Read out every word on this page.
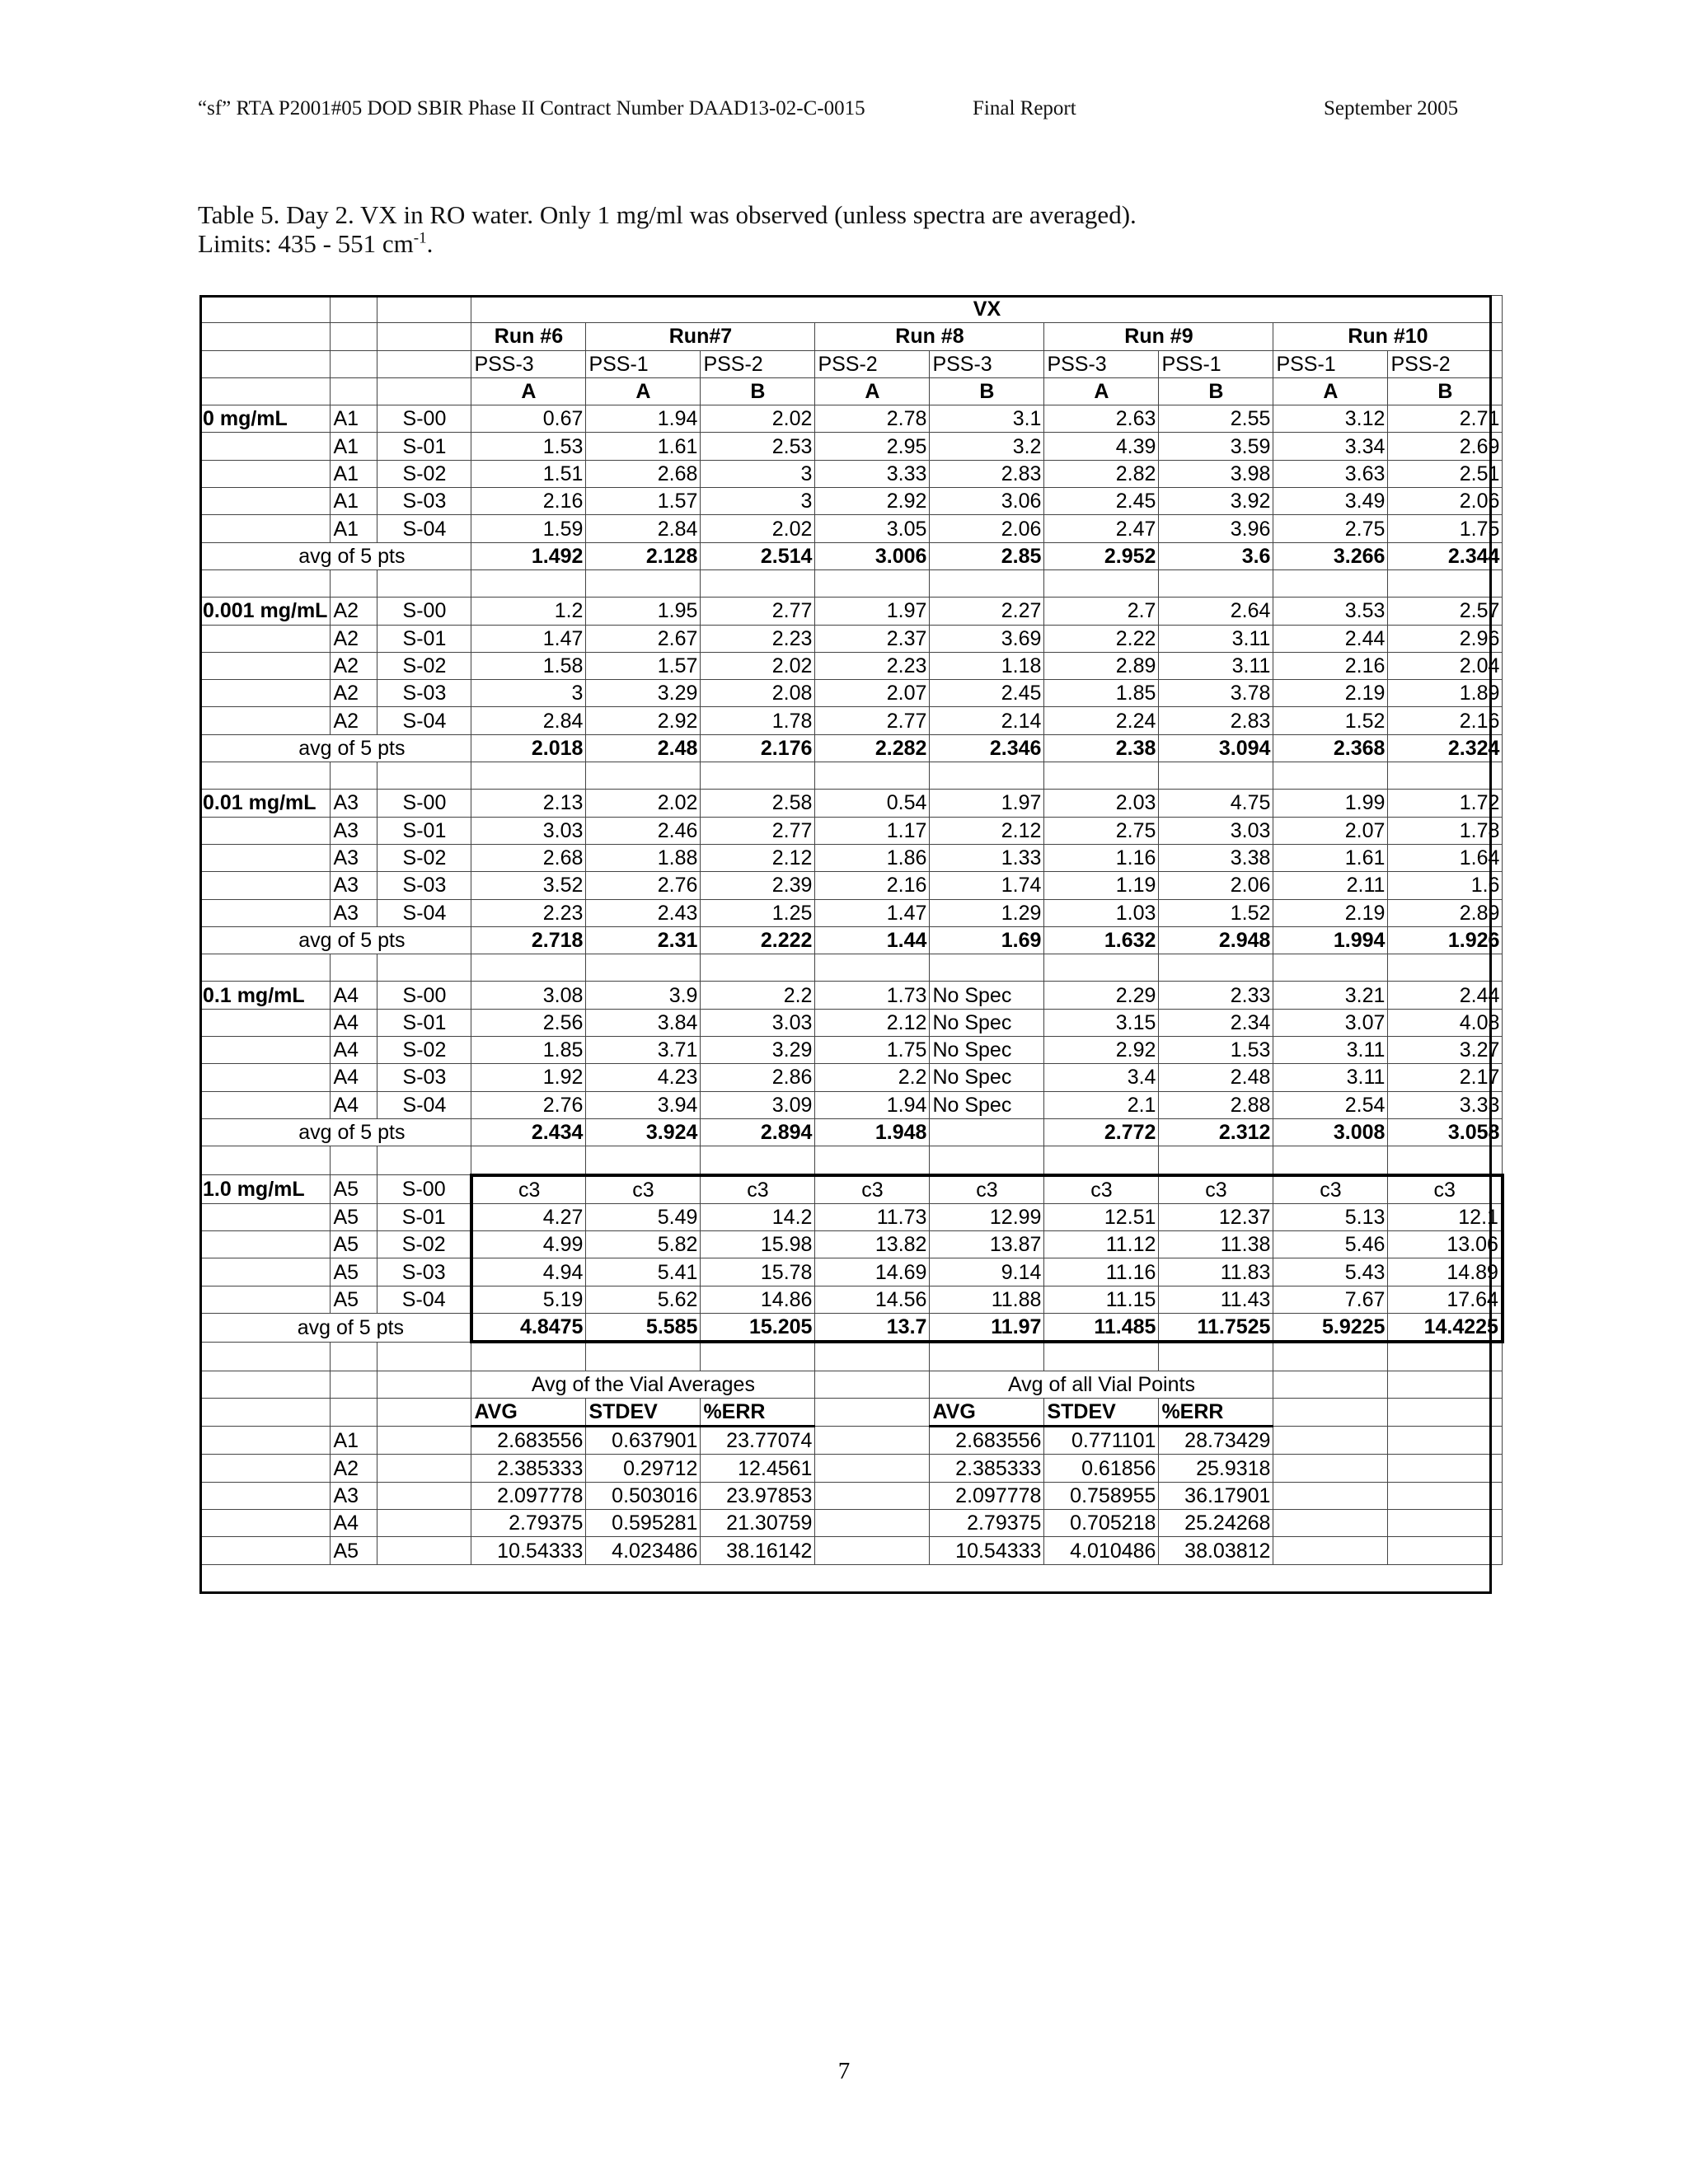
“sf” RTA P2001#05 DOD SBIR Phase II Contract Number DAAD13-02-C-0015	Final Report	September 2005
Table 5. Day 2. VX in RO water. Only 1 mg/ml was observed (unless spectra are averaged).
Limits: 435 - 551 $cm^{-1}$.
			VX								
			Run #6	Run#7		Run #8		Run #9		Run #10	
			PSS-3	PSS-1	PSS-2	PSS-2	PSS-3	PSS-3	PSS-1	PSS-1	PSS-2
			A	A	B	A	B	A	B	A	B
0 mg/mL	A1	S-00	0.67	1.94	2.02	2.78	3.1	2.63	2.55	3.12	2.71
	A1	S-01	1.53	1.61	2.53	2.95	3.2	4.39	3.59	3.34	2.69
	A1	S-02	1.51	2.68	3	3.33	2.83	2.82	3.98	3.63	2.51
	A1	S-03	2.16	1.57	3	2.92	3.06	2.45	3.92	3.49	2.06
	A1	S-04	1.59	2.84	2.02	3.05	2.06	2.47	3.96	2.75	1.75
avg of 5 pts			1.492	2.128	2.514	3.006	2.85	2.952	3.6	3.266	2.344

0.001 mg/mL	A2	S-00	1.2	1.95	2.77	1.97	2.27	2.7	2.64	3.53	2.57
	A2	S-01	1.47	2.67	2.23	2.37	3.69	2.22	3.11	2.44	2.96
	A2	S-02	1.58	1.57	2.02	2.23	1.18	2.89	3.11	2.16	2.04
	A2	S-03	3	3.29	2.08	2.07	2.45	1.85	3.78	2.19	1.89
	A2	S-04	2.84	2.92	1.78	2.77	2.14	2.24	2.83	1.52	2.16
avg of 5 pts			2.018	2.48	2.176	2.282	2.346	2.38	3.094	2.368	2.324

0.01 mg/mL	A3	S-00	2.13	2.02	2.58	0.54	1.97	2.03	4.75	1.99	1.72
	A3	S-01	3.03	2.46	2.77	1.17	2.12	2.75	3.03	2.07	1.78
	A3	S-02	2.68	1.88	2.12	1.86	1.33	1.16	3.38	1.61	1.64
	A3	S-03	3.52	2.76	2.39	2.16	1.74	1.19	2.06	2.11	1.6
	A3	S-04	2.23	2.43	1.25	1.47	1.29	1.03	1.52	2.19	2.89
avg of 5 pts			2.718	2.31	2.222	1.44	1.69	1.632	2.948	1.994	1.926

0.1 mg/mL	A4	S-00	3.08	3.9	2.2	1.73	No Spec	2.29	2.33	3.21	2.44
	A4	S-01	2.56	3.84	3.03	2.12	No Spec	3.15	2.34	3.07	4.08
	A4	S-02	1.85	3.71	3.29	1.75	No Spec	2.92	1.53	3.11	3.27
	A4	S-03	1.92	4.23	2.86	2.2	No Spec	3.4	2.48	3.11	2.17
	A4	S-04	2.76	3.94	3.09	1.94	No Spec	2.1	2.88	2.54	3.33
avg of 5 pts			2.434	3.924	2.894	1.948		2.772	2.312	3.008	3.058

1.0 mg/mL	A5	S-00	c3	c3	c3	c3	c3	c3	c3	c3	c3
	A5	S-01	4.27	5.49	14.2	11.73	12.99	12.51	12.37	5.13	12.1
	A5	S-02	4.99	5.82	15.98	13.82	13.87	11.12	11.38	5.46	13.06
	A5	S-03	4.94	5.41	15.78	14.69	9.14	11.16	11.83	5.43	14.89
	A5	S-04	5.19	5.62	14.86	14.56	11.88	11.15	11.43	7.67	17.64
avg of 5 pts			4.8475	5.585	15.205	13.7	11.97	11.485	11.7525	5.9225	14.4225

			Avg of the Vial Averages				Avg of all Vial Points				
			AVG	STDEV	%ERR		AVG	STDEV	%ERR		
	A1		2.683556	0.637901	23.77074		2.683556	0.771101	28.73429		
	A2		2.385333	0.29712	12.4561		2.385333	0.61856	25.9318		
	A3		2.097778	0.503016	23.97853		2.097778	0.758955	36.17901		
	A4		2.79375	0.595281	21.30759		2.79375	0.705218	25.24268		
	A5		10.54333	4.023486	38.16142		10.54333	4.010486	38.03812		
7
